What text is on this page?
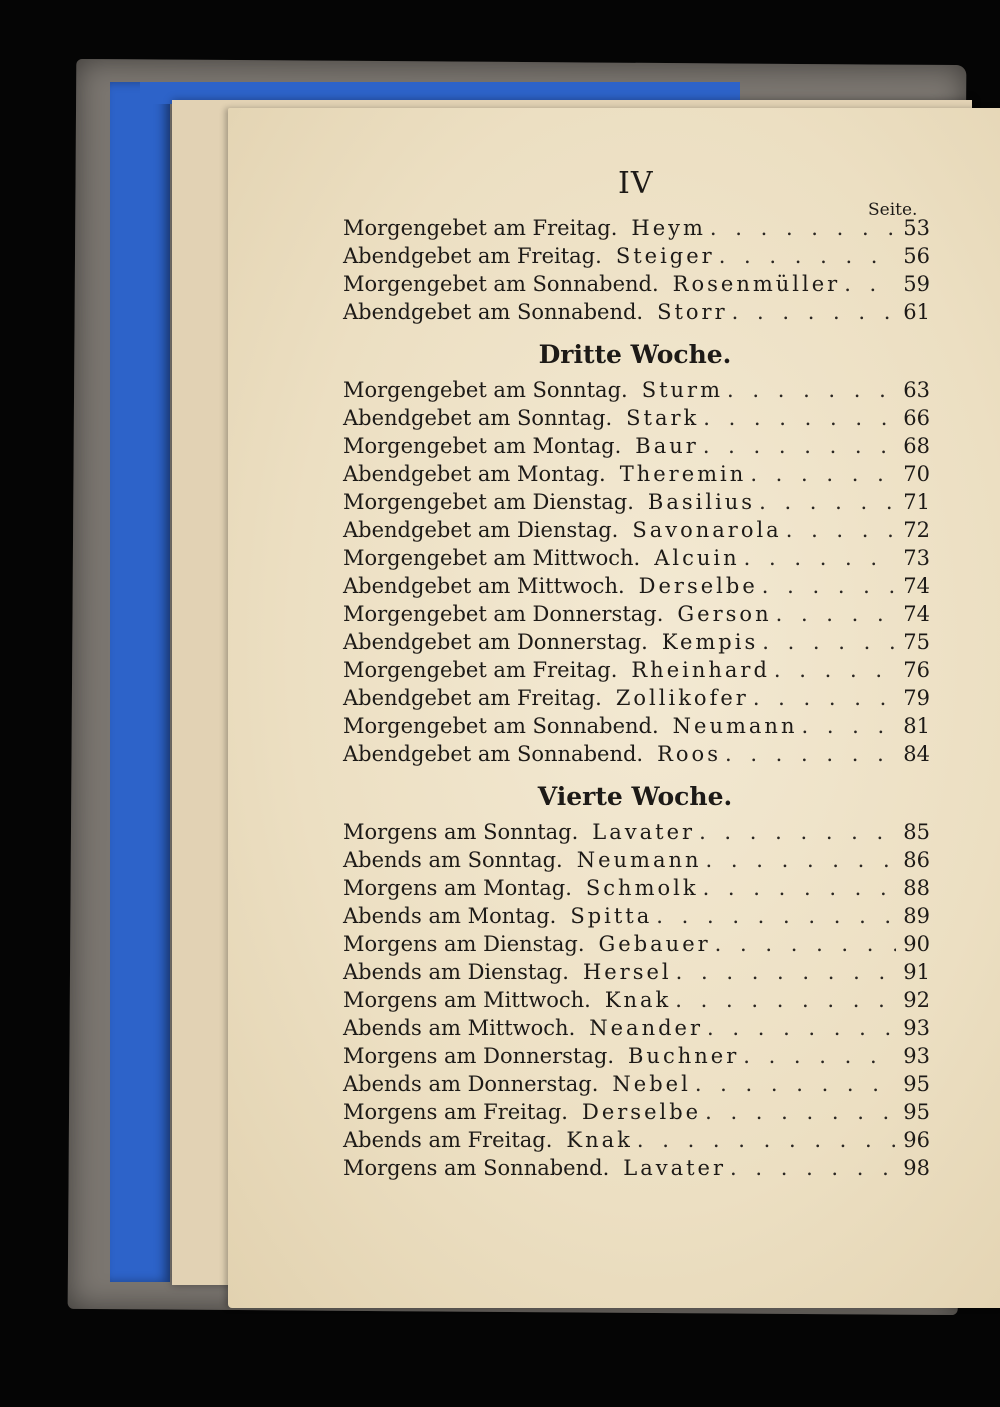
IV
Seite.
Morgengebet am Freitag. Heym . . .	53
Abendgebet am Freitag. Steiger . . .	56
Morgengebet am Sonnabend. Rosenmüller . . .	59
Abendgebet am Sonnabend. Storr . . .	61
Dritte Woche.
Morgengebet am Sonntag. Sturm . . .	63
Abendgebet am Sonntag. Stark . . .	66
Morgengebet am Montag. Baur . . .	68
Abendgebet am Montag. Theremin . . .	70
Morgengebet am Dienstag. Basilius . . .	71
Abendgebet am Dienstag. Savonarola . . .	72
Morgengebet am Mittwoch. Alcuin . . .	73
Abendgebet am Mittwoch. Derselbe . . .	74
Morgengebet am Donnerstag. Gerson . . .	74
Abendgebet am Donnerstag. Kempis . . .	75
Morgengebet am Freitag. Rheinhard . . .	76
Abendgebet am Freitag. Zollikofer . . .	79
Morgengebet am Sonnabend. Neumann . . .	81
Abendgebet am Sonnabend. Roos . . .	84
Vierte Woche.
Morgens am Sonntag. Lavater . . .	85
Abends am Sonntag. Neumann . . .	86
Morgens am Montag. Schmolk . . .	88
Abends am Montag. Spitta . . .	89
Morgens am Dienstag. Gebauer . . .	90
Abends am Dienstag. Hersel . . .	91
Morgens am Mittwoch. Knak . . .	92
Abends am Mittwoch. Neander . . .	93
Morgens am Donnerstag. Buchner . . .	93
Abends am Donnerstag. Nebel . . .	95
Morgens am Freitag. Derselbe . . .	95
Abends am Freitag. Knak . . .	96
Morgens am Sonnabend. Lavater . . .	98
